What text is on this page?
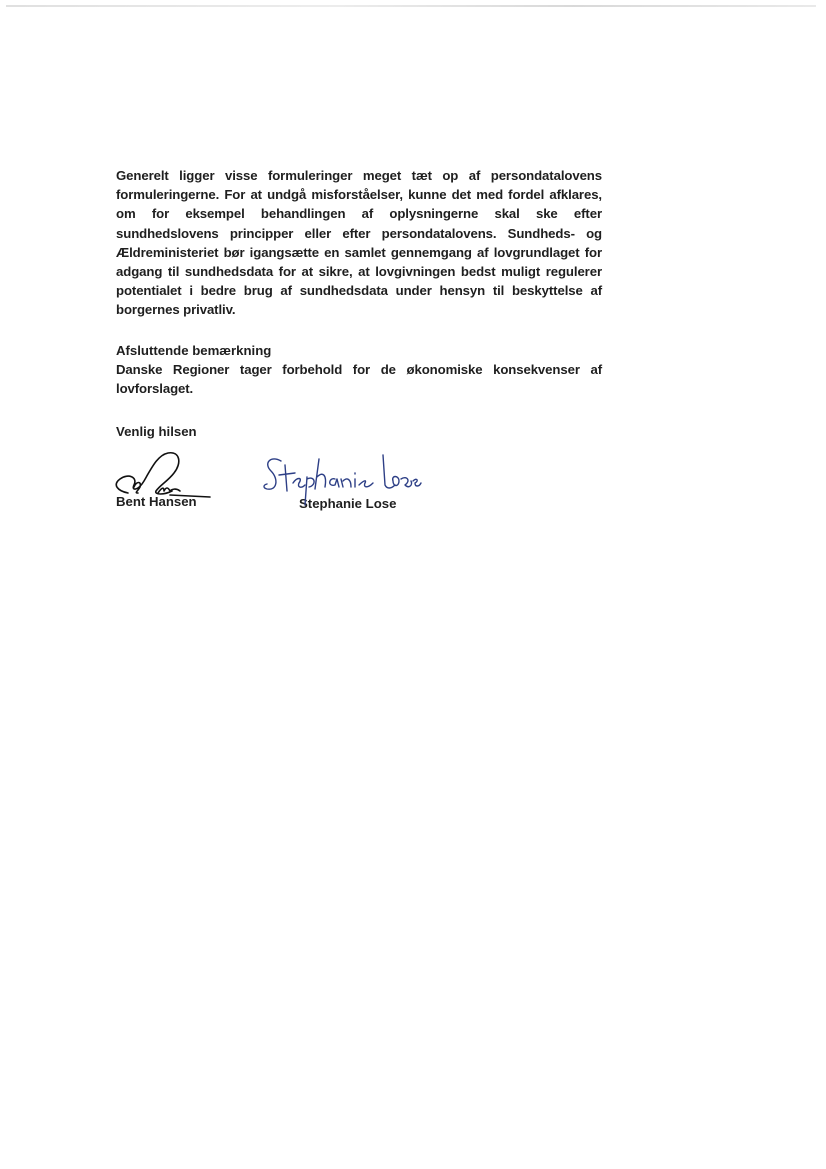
Generelt ligger visse formuleringer meget tæt op af persondatalovens formuleringerne. For at undgå misforståelser, kunne det med fordel afklares, om for eksempel behandlingen af oplysningerne skal ske efter sundhedslovens principper eller efter persondatalovens. Sundheds- og Ældreministeriet bør igangsætte en samlet gennemgang af lovgrundlaget for adgang til sundhedsdata for at sikre, at lovgivningen bedst muligt regulerer potentialet i bedre brug af sundhedsdata under hensyn til beskyttelse af borgernes privatliv.

Afsluttende bemærkning

Danske Regioner tager forbehold for de økonomiske konsekvenser af lovforslaget.

Venlig hilsen
Bent Hansen	Stephanie Lose
